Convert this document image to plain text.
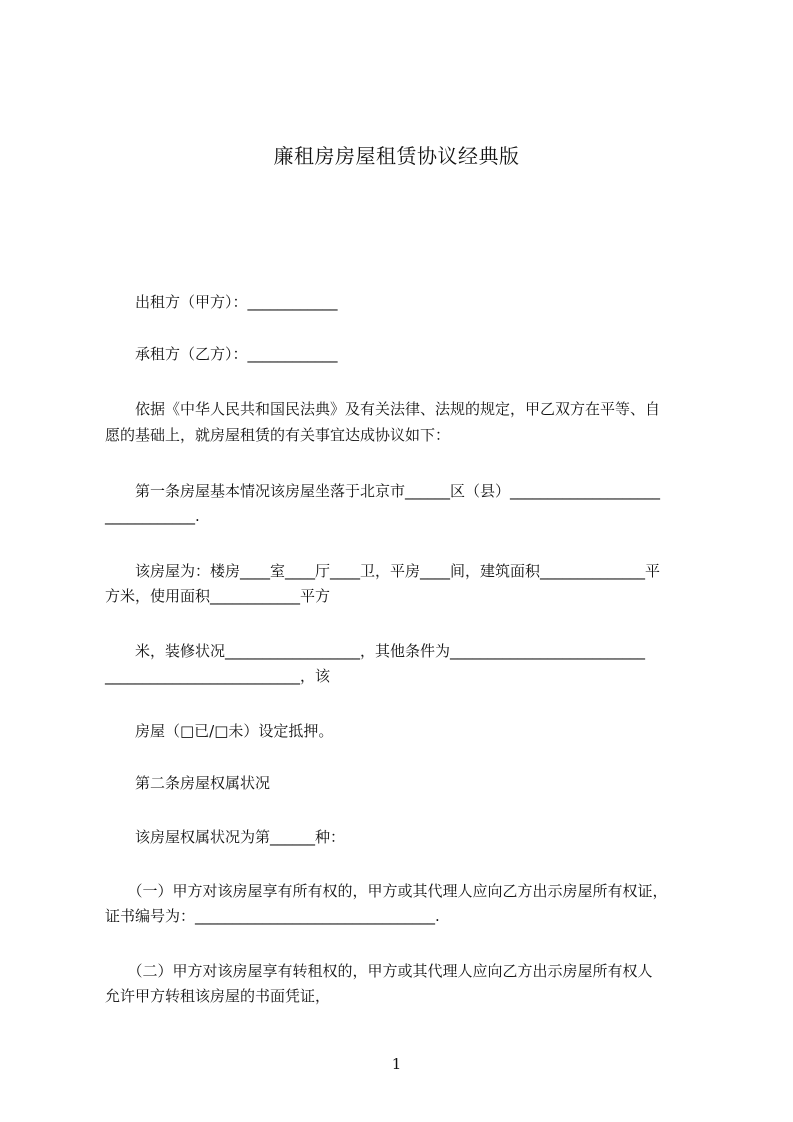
廉租房房屋租赁协议经典版
　　出租方（甲方）：____________
　　承租方（乙方）：____________
　　依据《中华人民共和国民法典》及有关法律、法规的规定，甲乙双方在平等、自
愿的基础上，就房屋租赁的有关事宜达成协议如下：
　　第一条房屋基本情况该房屋坐落于北京市______区（县）____________________
____________.
　　该房屋为：楼房____室____厅____卫，平房____间，建筑面积______________平
方米，使用面积____________平方
　　米，装修状况__________________，其他条件为__________________________
__________________________，该
　　房屋（□已/□未）设定抵押。
　　第二条房屋权属状况
　　该房屋权属状况为第______种：
　　（一）甲方对该房屋享有所有权的，甲方或其代理人应向乙方出示房屋所有权证，
证书编号为：________________________________.
　　（二）甲方对该房屋享有转租权的，甲方或其代理人应向乙方出示房屋所有权人
允许甲方转租该房屋的书面凭证，
1
